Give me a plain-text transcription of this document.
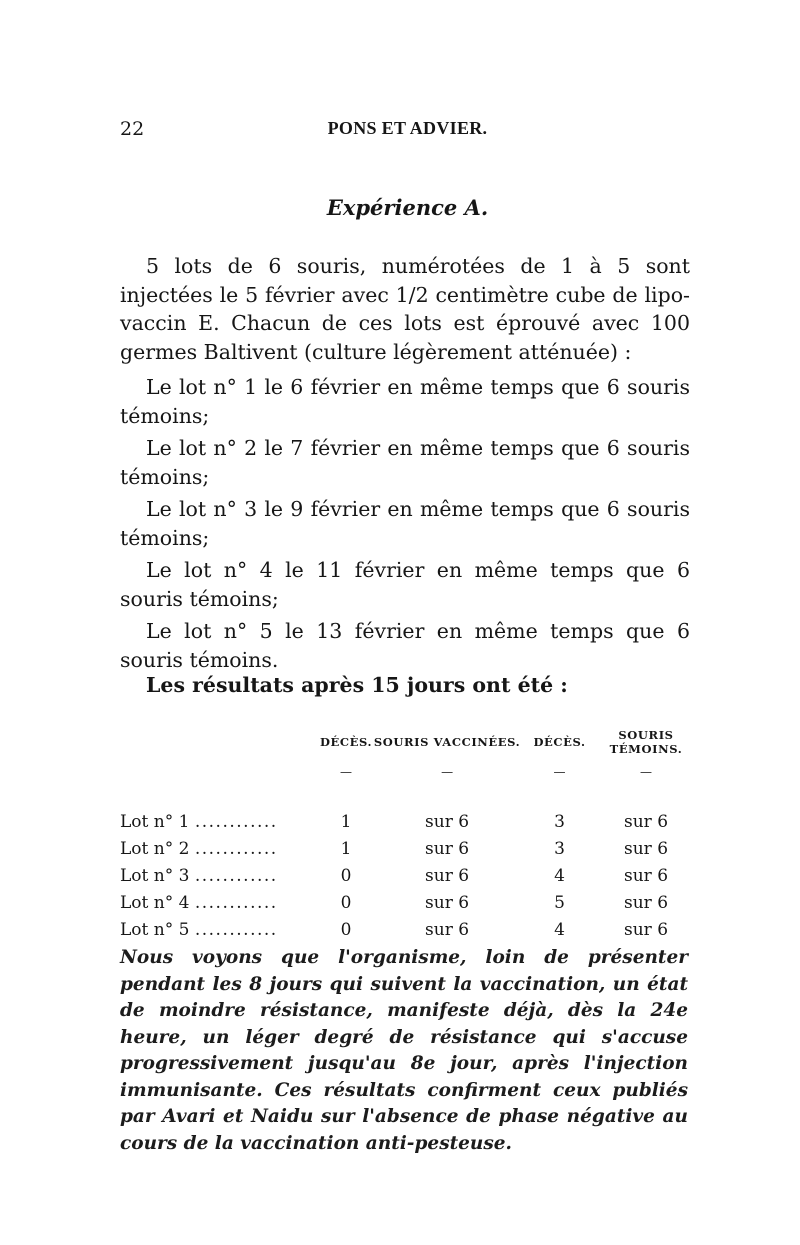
22	PONS ET ADVIER.
Expérience A.

5 lots de 6 souris, numérotées de 1 à 5 sont injectées le 5 février avec 1/2 centimètre cube de lipo-vaccin E. Chacun de ces lots est éprouvé avec 100 germes Baltivent (culture légèrement atténuée) :

Le lot n° 1 le 6 février en même temps que 6 souris témoins;

Le lot n° 2 le 7 février en même temps que 6 souris témoins;

Le lot n° 3 le 9 février en même temps que 6 souris témoins;

Le lot n° 4 le 11 février en même temps que 6 souris témoins;

Le lot n° 5 le 13 février en même temps que 6 souris témoins.

Les résultats après 15 jours ont été :
	DÉCÈS.	SOURIS VACCINÉES.	DÉCÈS.	SOURIS TÉMOINS.
	—	—	—	—

Lot n° 1 ............	1	sur 6	3	sur 6
Lot n° 2 ............	1	sur 6	3	sur 6
Lot n° 3 ............	0	sur 6	4	sur 6
Lot n° 4 ............	0	sur 6	5	sur 6
Lot n° 5 ............	0	sur 6	4	sur 6

Nous voyons que l'organisme, loin de présenter pendant les 8 jours qui suivent la vaccination, un état de moindre résistance, manifeste déjà, dès la 24e heure, un léger degré de résistance qui s'accuse progressivement jusqu'au 8e jour, après l'injection immunisante. Ces résultats confirment ceux publiés par Avari et Naidu sur l'absence de phase négative au cours de la vaccination anti-pesteuse.
